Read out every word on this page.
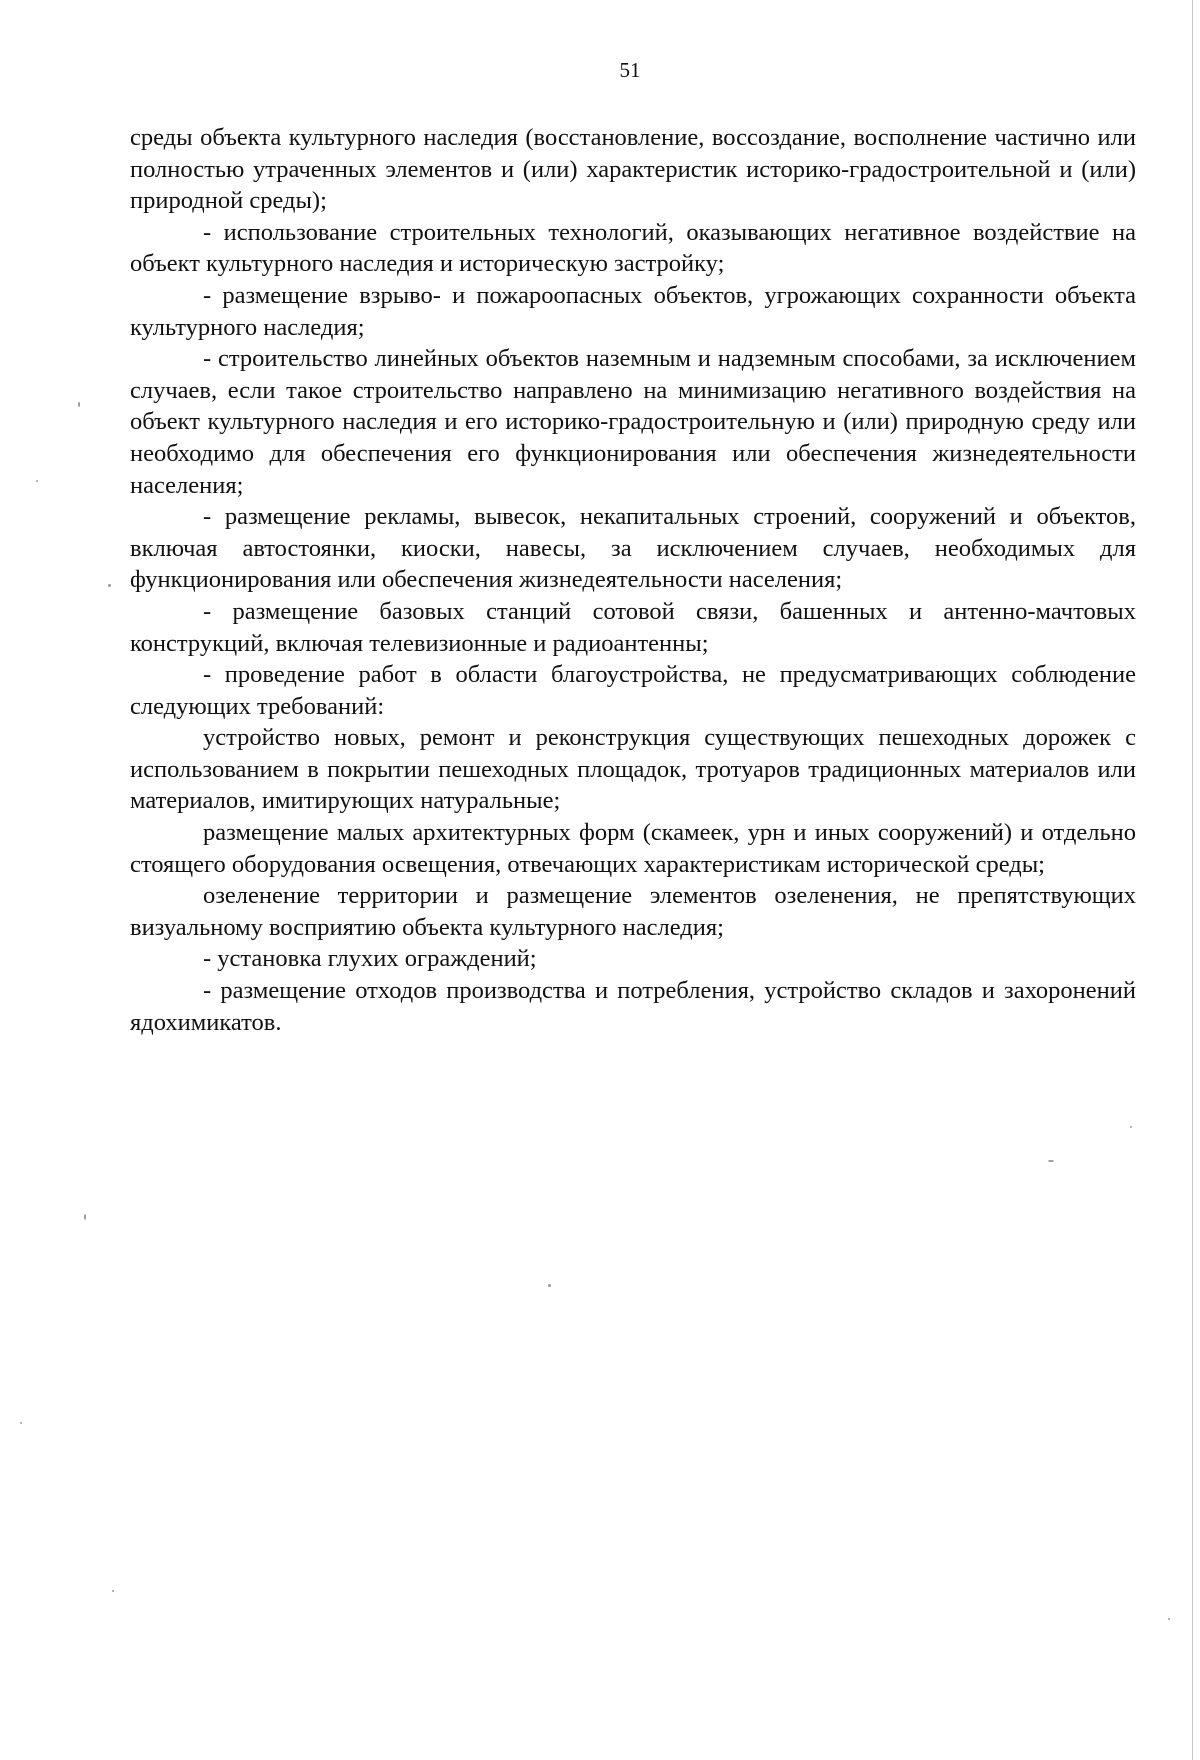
51

среды объекта культурного наследия (восстановление, воссоздание, восполнение частично или полностью утраченных элементов и (или) характеристик историко-градостроительной и (или) природной среды);

- использование строительных технологий, оказывающих негативное воздействие на объект культурного наследия и историческую застройку;

- размещение взрыво- и пожароопасных объектов, угрожающих сохранности объекта культурного наследия;

- строительство линейных объектов наземным и надземным способами, за исключением случаев, если такое строительство направлено на минимизацию негативного воздействия на объект культурного наследия и его историко-градостроительную и (или) природную среду или необходимо для обеспечения его функционирования или обеспечения жизнедеятельности населения;

- размещение рекламы, вывесок, некапитальных строений, сооружений и объектов, включая автостоянки, киоски, навесы, за исключением случаев, необходимых для функционирования или обеспечения жизнедеятельности населения;

- размещение базовых станций сотовой связи, башенных и антенно-мачтовых конструкций, включая телевизионные и радиоантенны;

- проведение работ в области благоустройства, не предусматривающих соблюдение следующих требований:

устройство новых, ремонт и реконструкция существующих пешеходных дорожек с использованием в покрытии пешеходных площадок, тротуаров традиционных материалов или материалов, имитирующих натуральные;

размещение малых архитектурных форм (скамеек, урн и иных сооружений) и отдельно стоящего оборудования освещения, отвечающих характеристикам исторической среды;

озеленение территории и размещение элементов озеленения, не препятствующих визуальному восприятию объекта культурного наследия;

- установка глухих ограждений;

- размещение отходов производства и потребления, устройство складов и захоронений ядохимикатов.
